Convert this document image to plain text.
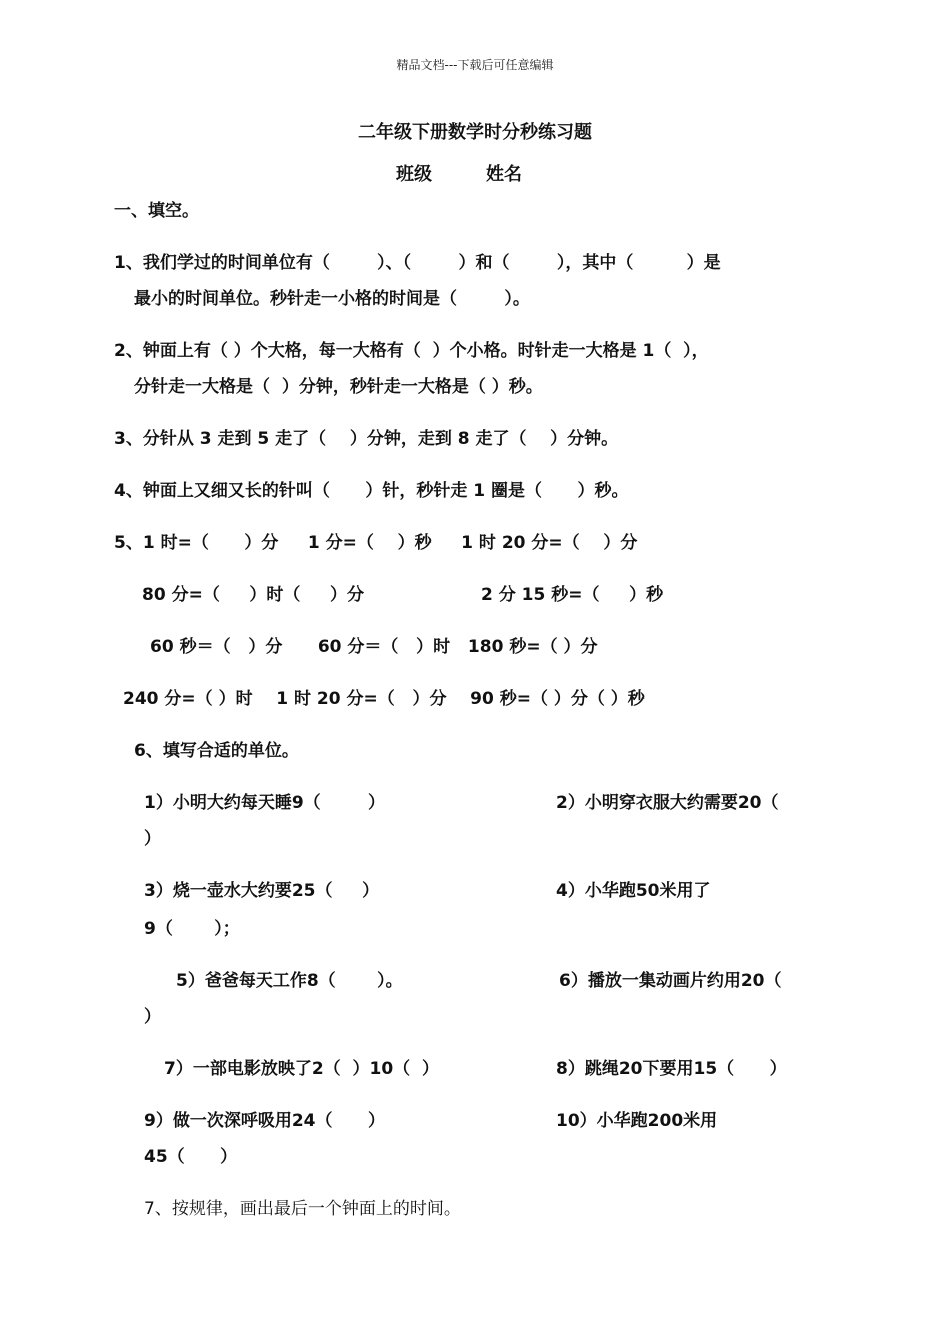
精品文档---下载后可任意编辑
二年级下册数学时分秒练习题
班级	姓名
一、填空。
1、我们学过的时间单位有（        ）、（        ）和（        ），其中（         ）是
最小的时间单位。秒针走一小格的时间是（        ）。
2、钟面上有（ ）个大格，每一大格有（  ）个小格。时针走一大格是 1（  ），
分针走一大格是（  ）分钟，秒针走一大格是（ ）秒。
3、分针从 3 走到 5 走了（    ）分钟，走到 8 走了（    ）分钟。
4、钟面上又细又长的针叫（      ）针，秒针走 1 圈是（      ）秒。
5、1 时=（      ）分     1 分=（    ）秒     1 时 20 分=（    ）分
80 分=（     ）时（     ）分	2 分 15 秒=（     ）秒
60 秒＝（   ）分      60 分＝（   ）时   180 秒=（ ）分
240 分=（ ）时    1 时 20 分=（   ）分    90 秒=（ ）分（ ）秒
6、填写合适的单位。
1）小明大约每天睡9（        ）	2）小明穿衣服大约需要20（
）
3）烧一壶水大约要25（     ）	4）小华跑50米用了
9（       ）；
5）爸爸每天工作8（       ）。	6）播放一集动画片约用20（
）
7）一部电影放映了2（  ）10（  ）	8）跳绳20下要用15（      ）
9）做一次深呼吸用24（      ）	10）小华跑200米用
45（      ）
7、按规律，画出最后一个钟面上的时间。
